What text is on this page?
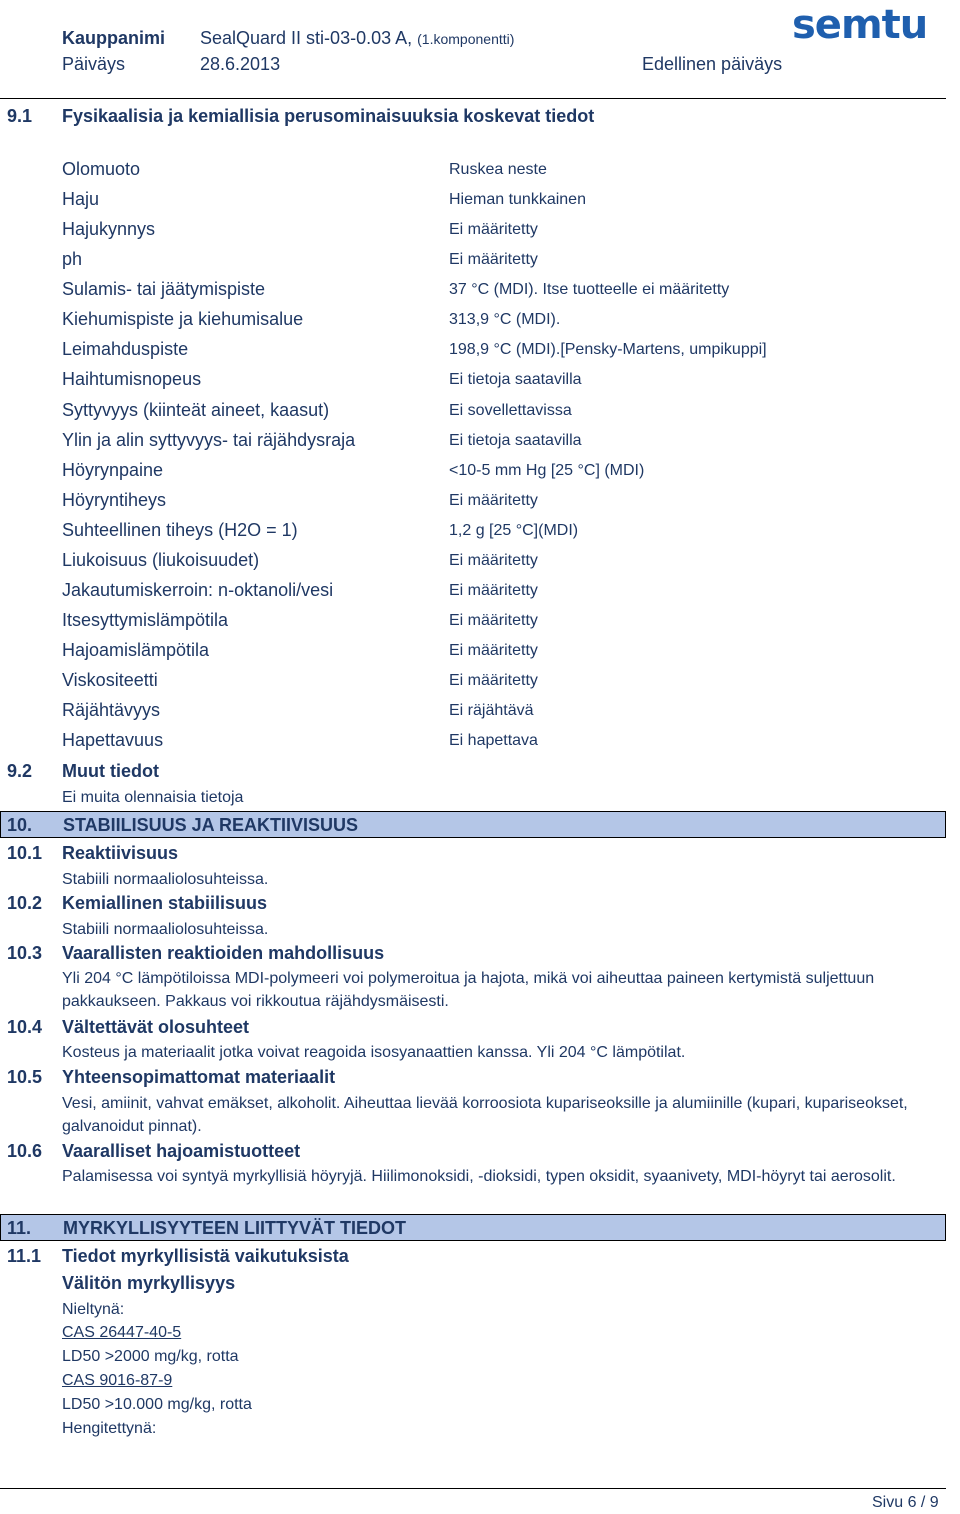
Kauppanimi SealQuard II sti-03-0.03 A, (1.komponentti)
Päiväys	28.6.2013	Edellinen päiväys
semtu
9.1 Fysikaalisia ja kemiallisia perusominaisuuksia koskevat tiedot
Olomuoto	Ruskea neste
Haju	Hieman tunkkainen
Hajukynnys	Ei määritetty
ph	Ei määritetty
Sulamis- tai jäätymispiste	37 °C (MDI). Itse tuotteelle ei määritetty
Kiehumispiste ja kiehumisalue	313,9 °C (MDI).
Leimahduspiste	198,9 °C (MDI).[Pensky-Martens, umpikuppi]
Haihtumisnopeus	Ei tietoja saatavilla
Syttyvyys (kiinteät aineet, kaasut)	Ei sovellettavissa
Ylin ja alin syttyvyys- tai räjähdysraja	Ei tietoja saatavilla
Höyrynpaine	<10-5 mm Hg [25 °C] (MDI)
Höyryntiheys	Ei määritetty
Suhteellinen tiheys (H2O = 1)	1,2 g [25 °C](MDI)
Liukoisuus (liukoisuudet)	Ei määritetty
Jakautumiskerroin: n-oktanoli/vesi	Ei määritetty
Itsesyttymislämpötila	Ei määritetty
Hajoamislämpötila	Ei määritetty
Viskositeetti	Ei määritetty
Räjähtävyys	Ei räjähtävä
Hapettavuus	Ei hapettava
9.2 Muut tiedot
Ei muita olennaisia tietoja
10. STABIILISUUS JA REAKTIIVISUUS
10.1 Reaktiivisuus
Stabiili normaaliolosuhteissa.
10.2 Kemiallinen stabiilisuus
Stabiili normaaliolosuhteissa.
10.3 Vaarallisten reaktioiden mahdollisuus
Yli 204 °C lämpötiloissa MDI-polymeeri voi polymeroitua ja hajota, mikä voi aiheuttaa paineen kertymistä suljettuun pakkaukseen. Pakkaus voi rikkoutua räjähdysmäisesti.
10.4 Vältettävät olosuhteet
Kosteus ja materiaalit jotka voivat reagoida isosyanaattien kanssa. Yli 204 °C lämpötilat.
10.5 Yhteensopimattomat materiaalit
Vesi, amiinit, vahvat emäkset, alkoholit. Aiheuttaa lievää korroosiota kupariseoksille ja alumiinille (kupari, kupariseokset, galvanoidut pinnat).
10.6 Vaaralliset hajoamistuotteet
Palamisessa voi syntyä myrkyllisiä höyryjä. Hiilimonoksidi, -dioksidi, typen oksidit, syaanivety, MDI-höyryt tai aerosolit.
11. MYRKYLLISYYTEEN LIITTYVÄT TIEDOT
11.1 Tiedot myrkyllisistä vaikutuksista
Välitön myrkyllisyys
Nieltynä:
CAS 26447-40-5
LD50 >2000 mg/kg, rotta
CAS 9016-87-9
LD50 >10.000 mg/kg, rotta
Hengitettynä:
Sivu 6 / 9
